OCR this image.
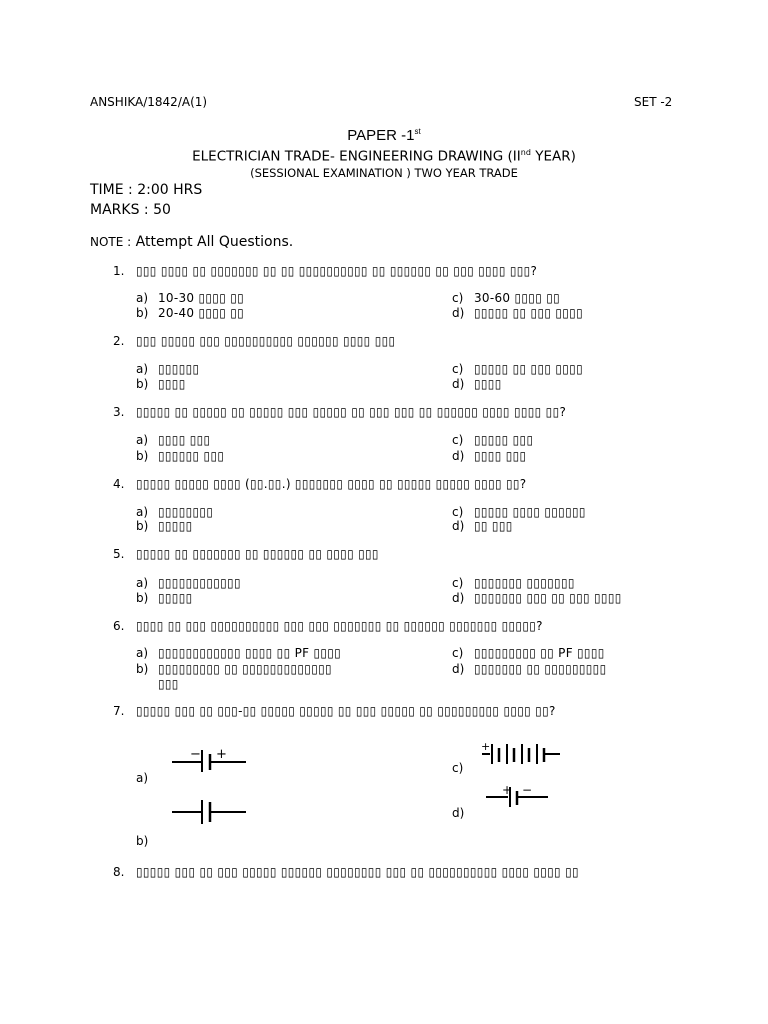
ANSHIKA/1842/A(1)	SET -2
PAPER -1st
ELECTRICIAN TRADE- ENGINEERING DRAWING (IInd YEAR)
(SESSIONAL EXAMINATION ) TWO YEAR TRADE
TIME : 2:00 HRS
MARKS : 50
NOTE : Attempt All Questions.
1. ▯▯▯ ▯▯▯▯ ▯▯ ▯▯▯▯▯▯▯ ▯▯ ▯▯ ▯▯▯▯▯▯▯▯▯▯ ▯▯ ▯▯▯▯▯▯ ▯▯ ▯▯▯ ▯▯▯▯ ▯▯▯?
a) 10-30 ▯▯▯▯ ▯▯
b) 20-40 ▯▯▯▯ ▯▯
c) 30-60 ▯▯▯▯ ▯▯
d) ▯▯▯▯▯ ▯▯ ▯▯▯ ▯▯▯▯
2. ▯▯▯ ▯▯▯▯▯ ▯▯▯ ▯▯▯▯▯▯▯▯▯▯ ▯▯▯▯▯▯ ▯▯▯▯ ▯▯▯
a) ▯▯▯▯▯▯
b) ▯▯▯▯
c) ▯▯▯▯▯ ▯▯ ▯▯▯ ▯▯▯▯
d) ▯▯▯▯
3. ▯▯▯▯▯ ▯▯ ▯▯▯▯▯ ▯▯ ▯▯▯▯▯ ▯▯▯ ▯▯▯▯▯ ▯▯ ▯▯▯ ▯▯▯ ▯▯ ▯▯▯▯▯▯ ▯▯▯▯ ▯▯▯▯ ▯▯?
a) ▯▯▯▯ ▯▯▯
b) ▯▯▯▯▯▯ ▯▯▯
c) ▯▯▯▯▯ ▯▯▯
d) ▯▯▯▯ ▯▯▯
4. ▯▯▯▯▯ ▯▯▯▯▯ ▯▯▯▯ (▯▯.▯▯.) ▯▯▯▯▯▯▯ ▯▯▯▯ ▯▯ ▯▯▯▯▯ ▯▯▯▯▯ ▯▯▯▯ ▯▯?
a) ▯▯▯▯▯▯▯▯
b) ▯▯▯▯▯
c) ▯▯▯▯▯ ▯▯▯▯ ▯▯▯▯▯▯
d) ▯▯ ▯▯▯
5. ▯▯▯▯▯ ▯▯ ▯▯▯▯▯▯▯ ▯▯ ▯▯▯▯▯▯ ▯▯ ▯▯▯▯ ▯▯▯
a) ▯▯▯▯▯▯▯▯▯▯▯▯
b) ▯▯▯▯▯
c) ▯▯▯▯▯▯▯ ▯▯▯▯▯▯▯
d) ▯▯▯▯▯▯▯ ▯▯▯ ▯▯ ▯▯▯ ▯▯▯▯
6. ▯▯▯▯ ▯▯ ▯▯▯ ▯▯▯▯▯▯▯▯▯▯ ▯▯▯ ▯▯▯ ▯▯▯▯▯▯▯ ▯▯ ▯▯▯▯▯▯ ▯▯▯▯▯▯▯ ▯▯▯▯▯?
a) ▯▯▯▯▯▯▯▯▯▯▯▯ ▯▯▯▯ ▯▯ PF ▯▯▯▯
b) ▯▯▯▯▯▯▯▯▯ ▯▯ ▯▯▯▯▯▯▯▯▯▯▯▯▯
▯▯▯
c) ▯▯▯▯▯▯▯▯▯ ▯▯ PF ▯▯▯▯
d) ▯▯▯▯▯▯▯ ▯▯ ▯▯▯▯▯▯▯▯▯
7. ▯▯▯▯▯ ▯▯▯ ▯▯ ▯▯▯-▯▯ ▯▯▯▯▯ ▯▯▯▯▯ ▯▯ ▯▯▯ ▯▯▯▯▯ ▯▯ ▯▯▯▯▯▯▯▯▯ ▯▯▯▯ ▯▯?
a)
b)
c)
d)
− +
+
+ −
8. ▯▯▯▯▯ ▯▯▯ ▯▯ ▯▯▯ ▯▯▯▯▯ ▯▯▯▯▯▯ ▯▯▯▯▯▯▯▯ ▯▯▯ ▯▯ ▯▯▯▯▯▯▯▯▯▯ ▯▯▯▯ ▯▯▯▯ ▯▯
